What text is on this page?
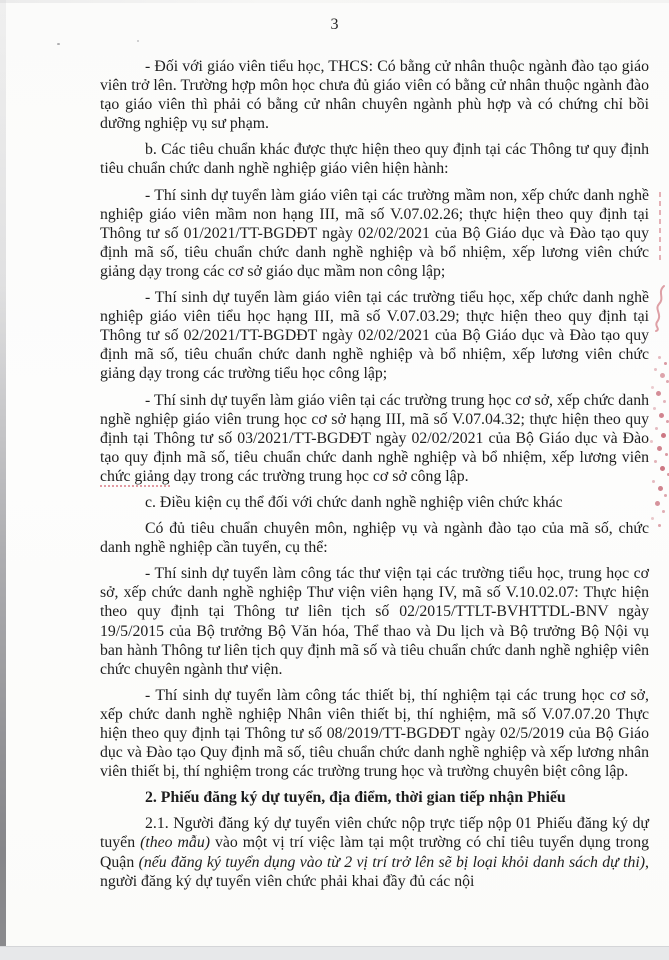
3

- Đối với giáo viên tiểu học, THCS: Có bằng cử nhân thuộc ngành đào tạo giáo viên trở lên. Trường hợp môn học chưa đủ giáo viên có bằng cử nhân thuộc ngành đào tạo giáo viên thì phải có bằng cử nhân chuyên ngành phù hợp và có chứng chỉ bồi dưỡng nghiệp vụ sư phạm.

b. Các tiêu chuẩn khác được thực hiện theo quy định tại các Thông tư quy định tiêu chuẩn chức danh nghề nghiệp giáo viên hiện hành:

- Thí sinh dự tuyển làm giáo viên tại các trường mầm non, xếp chức danh nghề nghiệp giáo viên mầm non hạng III, mã số V.07.02.26; thực hiện theo quy định tại Thông tư số 01/2021/TT-BGDĐT ngày 02/02/2021 của Bộ Giáo dục và Đào tạo quy định mã số, tiêu chuẩn chức danh nghề nghiệp và bổ nhiệm, xếp lương viên chức giảng dạy trong các cơ sở giáo dục mầm non công lập;

- Thí sinh dự tuyển làm giáo viên tại các trường tiểu học, xếp chức danh nghề nghiệp giáo viên tiểu học hạng III, mã số V.07.03.29; thực hiện theo quy định tại Thông tư số 02/2021/TT-BGDĐT ngày 02/02/2021 của Bộ Giáo dục và Đào tạo quy định mã số, tiêu chuẩn chức danh nghề nghiệp và bổ nhiệm, xếp lương viên chức giảng dạy trong các trường tiểu học công lập;

- Thí sinh dự tuyển làm giáo viên tại các trường trung học cơ sở, xếp chức danh nghề nghiệp giáo viên trung học cơ sở hạng III, mã số V.07.04.32; thực hiện theo quy định tại Thông tư số 03/2021/TT-BGDĐT ngày 02/02/2021 của Bộ Giáo dục và Đào tạo quy định mã số, tiêu chuẩn chức danh nghề nghiệp và bổ nhiệm, xếp lương viên chức giảng dạy trong các trường trung học cơ sở công lập.

c. Điều kiện cụ thể đối với chức danh nghề nghiệp viên chức khác

Có đủ tiêu chuẩn chuyên môn, nghiệp vụ và ngành đào tạo của mã số, chức danh nghề nghiệp cần tuyển, cụ thể:

- Thí sinh dự tuyển làm công tác thư viện tại các trường tiểu học, trung học cơ sở, xếp chức danh nghề nghiệp Thư viện viên hạng IV, mã số V.10.02.07: Thực hiện theo quy định tại Thông tư liên tịch số 02/2015/TTLT-BVHTTDL-BNV ngày 19/5/2015 của Bộ trưởng Bộ Văn hóa, Thể thao và Du lịch và Bộ trưởng Bộ Nội vụ ban hành Thông tư liên tịch quy định mã số và tiêu chuẩn chức danh nghề nghiệp viên chức chuyên ngành thư viện.

- Thí sinh dự tuyển làm công tác thiết bị, thí nghiệm tại các trung học cơ sở, xếp chức danh nghề nghiệp Nhân viên thiết bị, thí nghiệm, mã số V.07.07.20 Thực hiện theo quy định tại Thông tư số 08/2019/TT-BGDĐT ngày 02/5/2019 của Bộ Giáo dục và Đào tạo Quy định mã số, tiêu chuẩn chức danh nghề nghiệp và xếp lương nhân viên thiết bị, thí nghiệm trong các trường trung học và trường chuyên biệt công lập.

2. Phiếu đăng ký dự tuyển, địa điểm, thời gian tiếp nhận Phiếu

2.1. Người đăng ký dự tuyển viên chức nộp trực tiếp nộp 01 Phiếu đăng ký dự tuyển (theo mẫu) vào một vị trí việc làm tại một trường có chỉ tiêu tuyển dụng trong Quận (nếu đăng ký tuyển dụng vào từ 2 vị trí trở lên sẽ bị loại khỏi danh sách dự thi), người đăng ký dự tuyển viên chức phải khai đầy đủ các nội
